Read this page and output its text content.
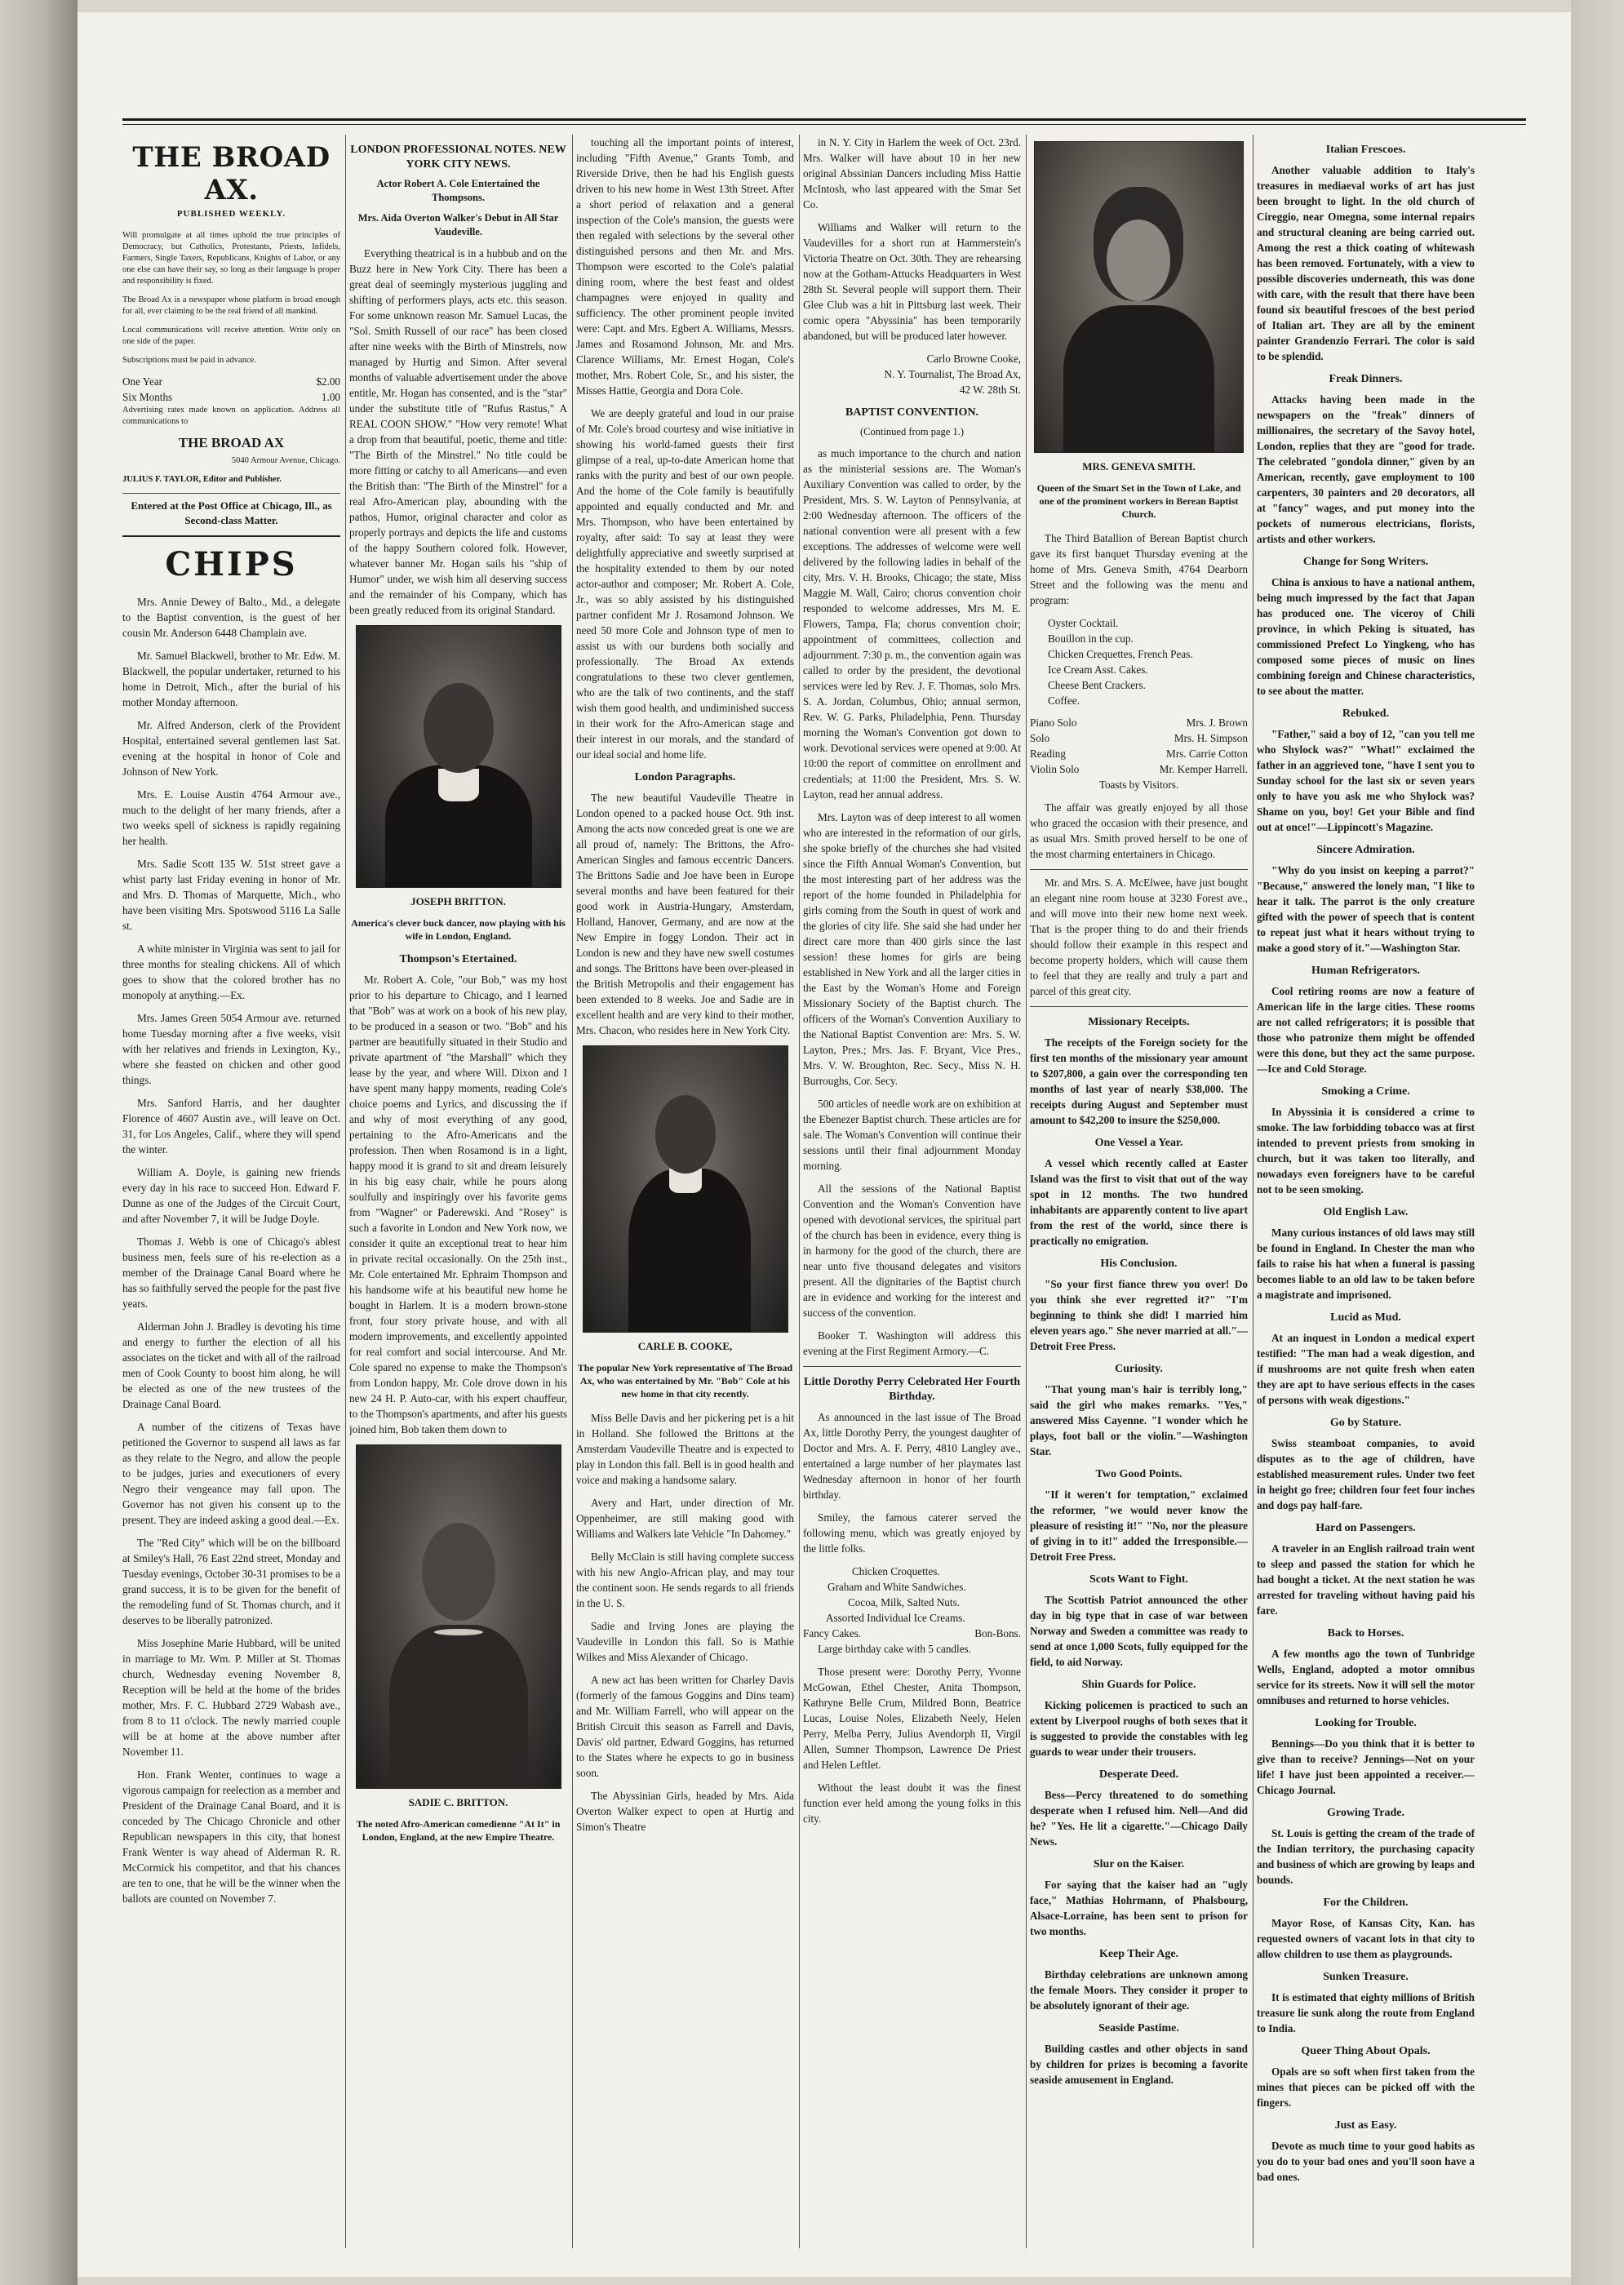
THE BROAD AX.
PUBLISHED WEEKLY.

Will promulgate at all times uphold the true principles of Democracy, but Catholics, Protestants, Priests, Infidels, Farmers, Single Taxers, Republicans, Knights of Labor, or any one else can have their say, so long as their language is proper and responsibility is fixed.

The Broad Ax is a newspaper whose platform is broad enough for all, ever claiming to be the real friend of all mankind.

Local communications will receive attention. Write only on one side of the paper.

Subscriptions must be paid in advance.

One Year	$2.00
Six Months	1.00

Advertising rates made known on application. Address all communications to

THE BROAD AX

5040 Armour Avenue, Chicago.

JULIUS F. TAYLOR, Editor and Publisher.

Entered at the Post Office at Chicago, Ill., as Second-class Matter.

CHIPS

Mrs. Annie Dewey of Balto., Md., a delegate to the Baptist convention, is the guest of her cousin Mr. Anderson 6448 Champlain ave.

Mr. Samuel Blackwell, brother to Mr. Edw. M. Blackwell, the popular undertaker, returned to his home in Detroit, Mich., after the burial of his mother Monday afternoon.

Mr. Alfred Anderson, clerk of the Provident Hospital, entertained several gentlemen last Sat. evening at the hospital in honor of Cole and Johnson of New York.

Mrs. E. Louise Austin 4764 Armour ave., much to the delight of her many friends, after a two weeks spell of sickness is rapidly regaining her health.

Mrs. Sadie Scott 135 W. 51st street gave a whist party last Friday evening in honor of Mr. and Mrs. D. Thomas of Marquette, Mich., who have been visiting Mrs. Spotswood 5116 La Salle st.

A white minister in Virginia was sent to jail for three months for stealing chickens. All of which goes to show that the colored brother has no monopoly at anything.—Ex.

Mrs. James Green 5054 Armour ave. returned home Tuesday morning after a five weeks, visit with her relatives and friends in Lexington, Ky., where she feasted on chicken and other good things.

Mrs. Sanford Harris, and her daughter Florence of 4607 Austin ave., will leave on Oct. 31, for Los Angeles, Calif., where they will spend the winter.

William A. Doyle, is gaining new friends every day in his race to succeed Hon. Edward F. Dunne as one of the Judges of the Circuit Court, and after November 7, it will be Judge Doyle.

Thomas J. Webb is one of Chicago's ablest business men, feels sure of his re-election as a member of the Drainage Canal Board where he has so faithfully served the people for the past five years.

Alderman John J. Bradley is devoting his time and energy to further the election of all his associates on the ticket and with all of the railroad men of Cook County to boost him along, he will be elected as one of the new trustees of the Drainage Canal Board.

A number of the citizens of Texas have petitioned the Governor to suspend all laws as far as they relate to the Negro, and allow the people to be judges, juries and executioners of every Negro their vengeance may fall upon. The Governor has not given his consent up to the present. They are indeed asking a good deal.—Ex.

The "Red City" which will be on the billboard at Smiley's Hall, 76 East 22nd street, Monday and Tuesday evenings, October 30-31 promises to be a grand success, it is to be given for the benefit of the remodeling fund of St. Thomas church, and it deserves to be liberally patronized.

Miss Josephine Marie Hubbard, will be united in marriage to Mr. Wm. P. Miller at St. Thomas church, Wednesday evening November 8, Reception will be held at the home of the brides mother, Mrs. F. C. Hubbard 2729 Wabash ave., from 8 to 11 o'clock. The newly married couple will be at home at the above number after November 11.

Hon. Frank Wenter, continues to wage a vigorous campaign for reelection as a member and President of the Drainage Canal Board, and it is conceded by The Chicago Chronicle and other Republican newspapers in this city, that honest Frank Wenter is way ahead of Alderman R. R. McCormick his competitor, and that his chances are ten to one, that he will be the winner when the ballots are counted on November 7.

LONDON PROFESSIONAL NOTES. NEW YORK CITY NEWS.
Actor Robert A. Cole Entertained the Thompsons.
Mrs. Aida Overton Walker's Debut in All Star Vaudeville.

Everything theatrical is in a hubbub and on the Buzz here in New York City. There has been a great deal of seemingly mysterious juggling and shifting of performers plays, acts etc. this season. For some unknown reason Mr. Samuel Lucas, the "Sol. Smith Russell of our race" has been closed after nine weeks with the Birth of Minstrels, now managed by Hurtig and Simon. After several months of valuable advertisement under the above entitle, Mr. Hogan has consented, and is the "star" under the substitute title of "Rufus Rastus," A REAL COON SHOW." "How very remote! What a drop from that beautiful, poetic, theme and title: "The Birth of the Minstrel." No title could be more fitting or catchy to all Americans—and even the British than: "The Birth of the Minstrel" for a real Afro-American play, abounding with the pathos, Humor, original character and color as properly portrays and depicts the life and customs of the happy Southern colored folk. However, whatever banner Mr. Hogan sails his "ship of Humor" under, we wish him all deserving success and the remainder of his Company, which has been greatly reduced from its original Standard.

JOSEPH BRITTON.
America's clever buck dancer, now playing with his wife in London, England.
Thompson's Etertained.

Mr. Robert A. Cole, "our Bob," was my host prior to his departure to Chicago, and I learned that "Bob" was at work on a book of his new play, to be produced in a season or two. "Bob" and his partner are beautifully situated in their Studio and private apartment of "the Marshall" which they lease by the year, and where Will. Dixon and I have spent many happy moments, reading Cole's choice poems and Lyrics, and discussing the if and why of most everything of any good, pertaining to the Afro-Americans and the profession. Then when Rosamond is in a light, happy mood it is grand to sit and dream leisurely in his big easy chair, while he pours along soulfully and inspiringly over his favorite gems from "Wagner" or Paderewski. And "Rosey" is such a favorite in London and New York now, we consider it quite an exceptional treat to hear him in private recital occasionally. On the 25th inst., Mr. Cole entertained Mr. Ephraim Thompson and his handsome wife at his beautiful new home he bought in Harlem. It is a modern brown-stone front, four story private house, and with all modern improvements, and excellently appointed for real comfort and social intercourse. And Mr. Cole spared no expense to make the Thompson's from London happy, Mr. Cole drove down in his new 24 H. P. Auto-car, with his expert chauffeur, to the Thompson's apartments, and after his guests joined him, Bob taken them down to

SADIE C. BRITTON.
The noted Afro-American comedienne "At It" in London, England, at the new Empire Theatre.

touching all the important points of interest, including "Fifth Avenue," Grants Tomb, and Riverside Drive, then he had his English guests driven to his new home in West 13th Street. After a short period of relaxation and a general inspection of the Cole's mansion, the guests were then regaled with selections by the several other distinguished persons and then Mr. and Mrs. Thompson were escorted to the Cole's palatial dining room, where the best feast and oldest champagnes were enjoyed in quality and sufficiency. The other prominent people invited were: Capt. and Mrs. Egbert A. Williams, Messrs. James and Rosamond Johnson, Mr. and Mrs. Clarence Williams, Mr. Ernest Hogan, Cole's mother, Mrs. Robert Cole, Sr., and his sister, the Misses Hattie, Georgia and Dora Cole.

We are deeply grateful and loud in our praise of Mr. Cole's broad courtesy and wise initiative in showing his world-famed guests their first glimpse of a real, up-to-date American home that ranks with the purity and best of our own people. And the home of the Cole family is beautifully appointed and equally conducted and Mr. and Mrs. Thompson, who have been entertained by royalty, after said: To say at least they were delightfully appreciative and sweetly surprised at the hospitality extended to them by our noted actor-author and composer; Mr. Robert A. Cole, Jr., was so ably assisted by his distinguished partner confident Mr J. Rosamond Johnson. We need 50 more Cole and Johnson type of men to assist us with our burdens both socially and professionally. The Broad Ax extends congratulations to these two clever gentlemen, who are the talk of two continents, and the staff wish them good health, and undiminished success in their work for the Afro-American stage and their interest in our morals, and the standard of our ideal social and home life.

London Paragraphs.

The new beautiful Vaudeville Theatre in London opened to a packed house Oct. 9th inst. Among the acts now conceded great is one we are all proud of, namely: The Brittons, the Afro-American Singles and famous eccentric Dancers. The Brittons Sadie and Joe have been in Europe several months and have been featured for their good work in Austria-Hungary, Amsterdam, Holland, Hanover, Germany, and are now at the New Empire in foggy London. Their act in London is new and they have new swell costumes and songs. The Brittons have been over-pleased in the British Metropolis and their engagement has been extended to 8 weeks. Joe and Sadie are in excellent health and are very kind to their mother, Mrs. Chacon, who resides here in New York City.

CARLE B. COOKE,
The popular New York representative of The Broad Ax, who was entertained by Mr. "Bob" Cole at his new home in that city recently.

Miss Belle Davis and her pickering pet is a hit in Holland. She followed the Brittons at the Amsterdam Vaudeville Theatre and is expected to play in London this fall. Bell is in good health and voice and making a handsome salary.

Avery and Hart, under direction of Mr. Oppenheimer, are still making good with Williams and Walkers late Vehicle "In Dahomey."

Belly McClain is still having complete success with his new Anglo-African play, and may tour the continent soon. He sends regards to all friends in the U. S.

Sadie and Irving Jones are playing the Vaudeville in London this fall. So is Mathie Wilkes and Miss Alexander of Chicago.

A new act has been written for Charley Davis (formerly of the famous Goggins and Dins team) and Mr. William Farrell, who will appear on the British Circuit this season as Farrell and Davis, Davis' old partner, Edward Goggins, has returned to the States where he expects to go in business soon.

The Abyssinian Girls, headed by Mrs. Aida Overton Walker expect to open at Hurtig and Simon's Theatre

in N. Y. City in Harlem the week of Oct. 23rd. Mrs. Walker will have about 10 in her new original Abssinian Dancers including Miss Hattie McIntosh, who last appeared with the Smar Set Co.

Williams and Walker will return to the Vaudevilles for a short run at Hammerstein's Victoria Theatre on Oct. 30th. They are rehearsing now at the Gotham-Attucks Headquarters in West 28th St. Several people will support them. Their Glee Club was a hit in Pittsburg last week. Their comic opera "Abyssinia" has been temporarily abandoned, but will be produced later however.

Carlo Browne Cooke,

N. Y. Tournalist, The Broad Ax,

42 W. 28th St.

BAPTIST CONVENTION.
(Continued from page 1.)

as much importance to the church and nation as the ministerial sessions are. The Woman's Auxiliary Convention was called to order, by the President, Mrs. S. W. Layton of Pennsylvania, at 2:00 Wednesday afternoon. The officers of the national convention were all present with a few exceptions. The addresses of welcome were well delivered by the following ladies in behalf of the city, Mrs. V. H. Brooks, Chicago; the state, Miss Maggie M. Wall, Cairo; chorus convention choir responded to welcome addresses, Mrs M. E. Flowers, Tampa, Fla; chorus convention choir; appointment of committees, collection and adjournment. 7:30 p. m., the convention again was called to order by the president, the devotional services were led by Rev. J. F. Thomas, solo Mrs. S. A. Jordan, Columbus, Ohio; annual sermon, Rev. W. G. Parks, Philadelphia, Penn. Thursday morning the Woman's Convention got down to work. Devotional services were opened at 9:00. At 10:00 the report of committee on enrollment and credentials; at 11:00 the President, Mrs. S. W. Layton, read her annual address.

Mrs. Layton was of deep interest to all women who are interested in the reformation of our girls, she spoke briefly of the churches she had visited since the Fifth Annual Woman's Convention, but the most interesting part of her address was the report of the home founded in Philadelphia for girls coming from the South in quest of work and the glories of city life. She said she had under her direct care more than 400 girls since the last session! these homes for girls are being established in New York and all the larger cities in the East by the Woman's Home and Foreign Missionary Society of the Baptist church. The officers of the Woman's Convention Auxiliary to the National Baptist Convention are: Mrs. S. W. Layton, Pres.; Mrs. Jas. F. Bryant, Vice Pres., Mrs. V. W. Broughton, Rec. Secy., Miss N. H. Burroughs, Cor. Secy.

500 articles of needle work are on exhibition at the Ebenezer Baptist church. These articles are for sale. The Woman's Convention will continue their sessions until their final adjournment Monday morning.

All the sessions of the National Baptist Convention and the Woman's Convention have opened with devotional services, the spiritual part of the church has been in evidence, every thing is in harmony for the good of the church, there are near unto five thousand delegates and visitors present. All the dignitaries of the Baptist church are in evidence and working for the interest and success of the convention.

Booker T. Washington will address this evening at the First Regiment Armory.—C.

Little Dorothy Perry Celebrated Her Fourth Birthday.

As announced in the last issue of The Broad Ax, little Dorothy Perry, the youngest daughter of Doctor and Mrs. A. F. Perry, 4810 Langley ave., entertained a large number of her playmates last Wednesday afternoon in honor of her fourth birthday.

Smiley, the famous caterer served the following menu, which was greatly enjoyed by the little folks.

Chicken Croquettes.

Graham and White Sandwiches.

Cocoa, Milk, Salted Nuts.

Assorted Individual Ice Creams.

Fancy Cakes.	Bon-Bons.

Large birthday cake with 5 candles.

Those present were: Dorothy Perry, Yvonne McGowan, Ethel Chester, Anita Thompson, Kathryne Belle Crum, Mildred Bonn, Beatrice Lucas, Louise Noles, Elizabeth Neely, Helen Perry, Melba Perry, Julius Avendorph II, Virgil Allen, Sumner Thompson, Lawrence De Priest and Helen Leftlet.

Without the least doubt it was the finest function ever held among the young folks in this city.

MRS. GENEVA SMITH.
Queen of the Smart Set in the Town of Lake, and one of the prominent workers in Berean Baptist Church.

The Third Batallion of Berean Baptist church gave its first banquet Thursday evening at the home of Mrs. Geneva Smith, 4764 Dearborn Street and the following was the menu and program:

Oyster Cocktail.

Bouillon in the cup.

Chicken Crequettes, French Peas.

Ice Cream Asst. Cakes.

Cheese Bent Crackers.

Coffee.

Piano Solo	Mrs. J. Brown
Solo	Mrs. H. Simpson
Reading	Mrs. Carrie Cotton
Violin Solo	Mr. Kemper Harrell.

Toasts by Visitors.

The affair was greatly enjoyed by all those who graced the occasion with their presence, and as usual Mrs. Smith proved herself to be one of the most charming entertainers in Chicago.

Mr. and Mrs. S. A. McElwee, have just bought an elegant nine room house at 3230 Forest ave., and will move into their new home next week. That is the proper thing to do and their friends should follow their example in this respect and become property holders, which will cause them to feel that they are really and truly a part and parcel of this great city.

Missionary Receipts.

The receipts of the Foreign society for the first ten months of the missionary year amount to $207,800, a gain over the corresponding ten months of last year of nearly $38,000. The receipts during August and September must amount to $42,200 to insure the $250,000.

One Vessel a Year.

A vessel which recently called at Easter Island was the first to visit that out of the way spot in 12 months. The two hundred inhabitants are apparently content to live apart from the rest of the world, since there is practically no emigration.

His Conclusion.

"So your first fiance threw you over! Do you think she ever regretted it?" "I'm beginning to think she did! I married him eleven years ago." She never married at all."—Detroit Free Press.

Curiosity.

"That young man's hair is terribly long," said the girl who makes remarks. "Yes," answered Miss Cayenne. "I wonder which he plays, foot ball or the violin."—Washington Star.

Two Good Points.

"If it weren't for temptation," exclaimed the reformer, "we would never know the pleasure of resisting it!" "No, nor the pleasure of giving in to it!" added the Irresponsible.—Detroit Free Press.

Scots Want to Fight.

The Scottish Patriot announced the other day in big type that in case of war between Norway and Sweden a committee was ready to send at once 1,000 Scots, fully equipped for the field, to aid Norway.

Shin Guards for Police.

Kicking policemen is practiced to such an extent by Liverpool roughs of both sexes that it is suggested to provide the constables with leg guards to wear under their trousers.

Desperate Deed.

Bess—Percy threatened to do something desperate when I refused him. Nell—And did he? "Yes. He lit a cigarette."—Chicago Daily News.

Slur on the Kaiser.

For saying that the kaiser had an "ugly face," Mathias Hohrmann, of Phalsbourg, Alsace-Lorraine, has been sent to prison for two months.

Keep Their Age.

Birthday celebrations are unknown among the female Moors. They consider it proper to be absolutely ignorant of their age.

Seaside Pastime.

Building castles and other objects in sand by children for prizes is becoming a favorite seaside amusement in England.

Italian Frescoes.

Another valuable addition to Italy's treasures in mediaeval works of art has just been brought to light. In the old church of Cireggio, near Omegna, some internal repairs and structural cleaning are being carried out. Among the rest a thick coating of whitewash has been removed. Fortunately, with a view to possible discoveries underneath, this was done with care, with the result that there have been found six beautiful frescoes of the best period of Italian art. They are all by the eminent painter Grandenzio Ferrari. The color is said to be splendid.

Freak Dinners.

Attacks having been made in the newspapers on the "freak" dinners of millionaires, the secretary of the Savoy hotel, London, replies that they are "good for trade. The celebrated "gondola dinner," given by an American, recently, gave employment to 100 carpenters, 30 painters and 20 decorators, all at "fancy" wages, and put money into the pockets of numerous electricians, florists, artists and other workers.

Change for Song Writers.

China is anxious to have a national anthem, being much impressed by the fact that Japan has produced one. The viceroy of Chili province, in which Peking is situated, has commissioned Prefect Lo Yingkeng, who has composed some pieces of music on lines combining foreign and Chinese characteristics, to see about the matter.

Rebuked.

"Father," said a boy of 12, "can you tell me who Shylock was?" "What!" exclaimed the father in an aggrieved tone, "have I sent you to Sunday school for the last six or seven years only to have you ask me who Shylock was? Shame on you, boy! Get your Bible and find out at once!"—Lippincott's Magazine.

Sincere Admiration.

"Why do you insist on keeping a parrot?" "Because," answered the lonely man, "I like to hear it talk. The parrot is the only creature gifted with the power of speech that is content to repeat just what it hears without trying to make a good story of it."—Washington Star.

Human Refrigerators.

Cool retiring rooms are now a feature of American life in the large cities. These rooms are not called refrigerators; it is possible that those who patronize them might be offended were this done, but they act the same purpose.—Ice and Cold Storage.

Smoking a Crime.

In Abyssinia it is considered a crime to smoke. The law forbidding tobacco was at first intended to prevent priests from smoking in church, but it was taken too literally, and nowadays even foreigners have to be careful not to be seen smoking.

Old English Law.

Many curious instances of old laws may still be found in England. In Chester the man who fails to raise his hat when a funeral is passing becomes liable to an old law to be taken before a magistrate and imprisoned.

Lucid as Mud.

At an inquest in London a medical expert testified: "The man had a weak digestion, and if mushrooms are not quite fresh when eaten they are apt to have serious effects in the cases of persons with weak digestions."

Go by Stature.

Swiss steamboat companies, to avoid disputes as to the age of children, have established measurement rules. Under two feet in height go free; children four feet four inches and dogs pay half-fare.

Hard on Passengers.

A traveler in an English railroad train went to sleep and passed the station for which he had bought a ticket. At the next station he was arrested for traveling without having paid his fare.

Back to Horses.

A few months ago the town of Tunbridge Wells, England, adopted a motor omnibus service for its streets. Now it will sell the motor omnibuses and returned to horse vehicles.

Looking for Trouble.

Bennings—Do you think that it is better to give than to receive? Jennings—Not on your life! I have just been appointed a receiver.—Chicago Journal.

Growing Trade.

St. Louis is getting the cream of the trade of the Indian territory, the purchasing capacity and business of which are growing by leaps and bounds.

For the Children.

Mayor Rose, of Kansas City, Kan. has requested owners of vacant lots in that city to allow children to use them as playgrounds.

Sunken Treasure.

It is estimated that eighty millions of British treasure lie sunk along the route from England to India.

Queer Thing About Opals.

Opals are so soft when first taken from the mines that pieces can be picked off with the fingers.

Just as Easy.

Devote as much time to your good habits as you do to your bad ones and you'll soon have a bad ones.
